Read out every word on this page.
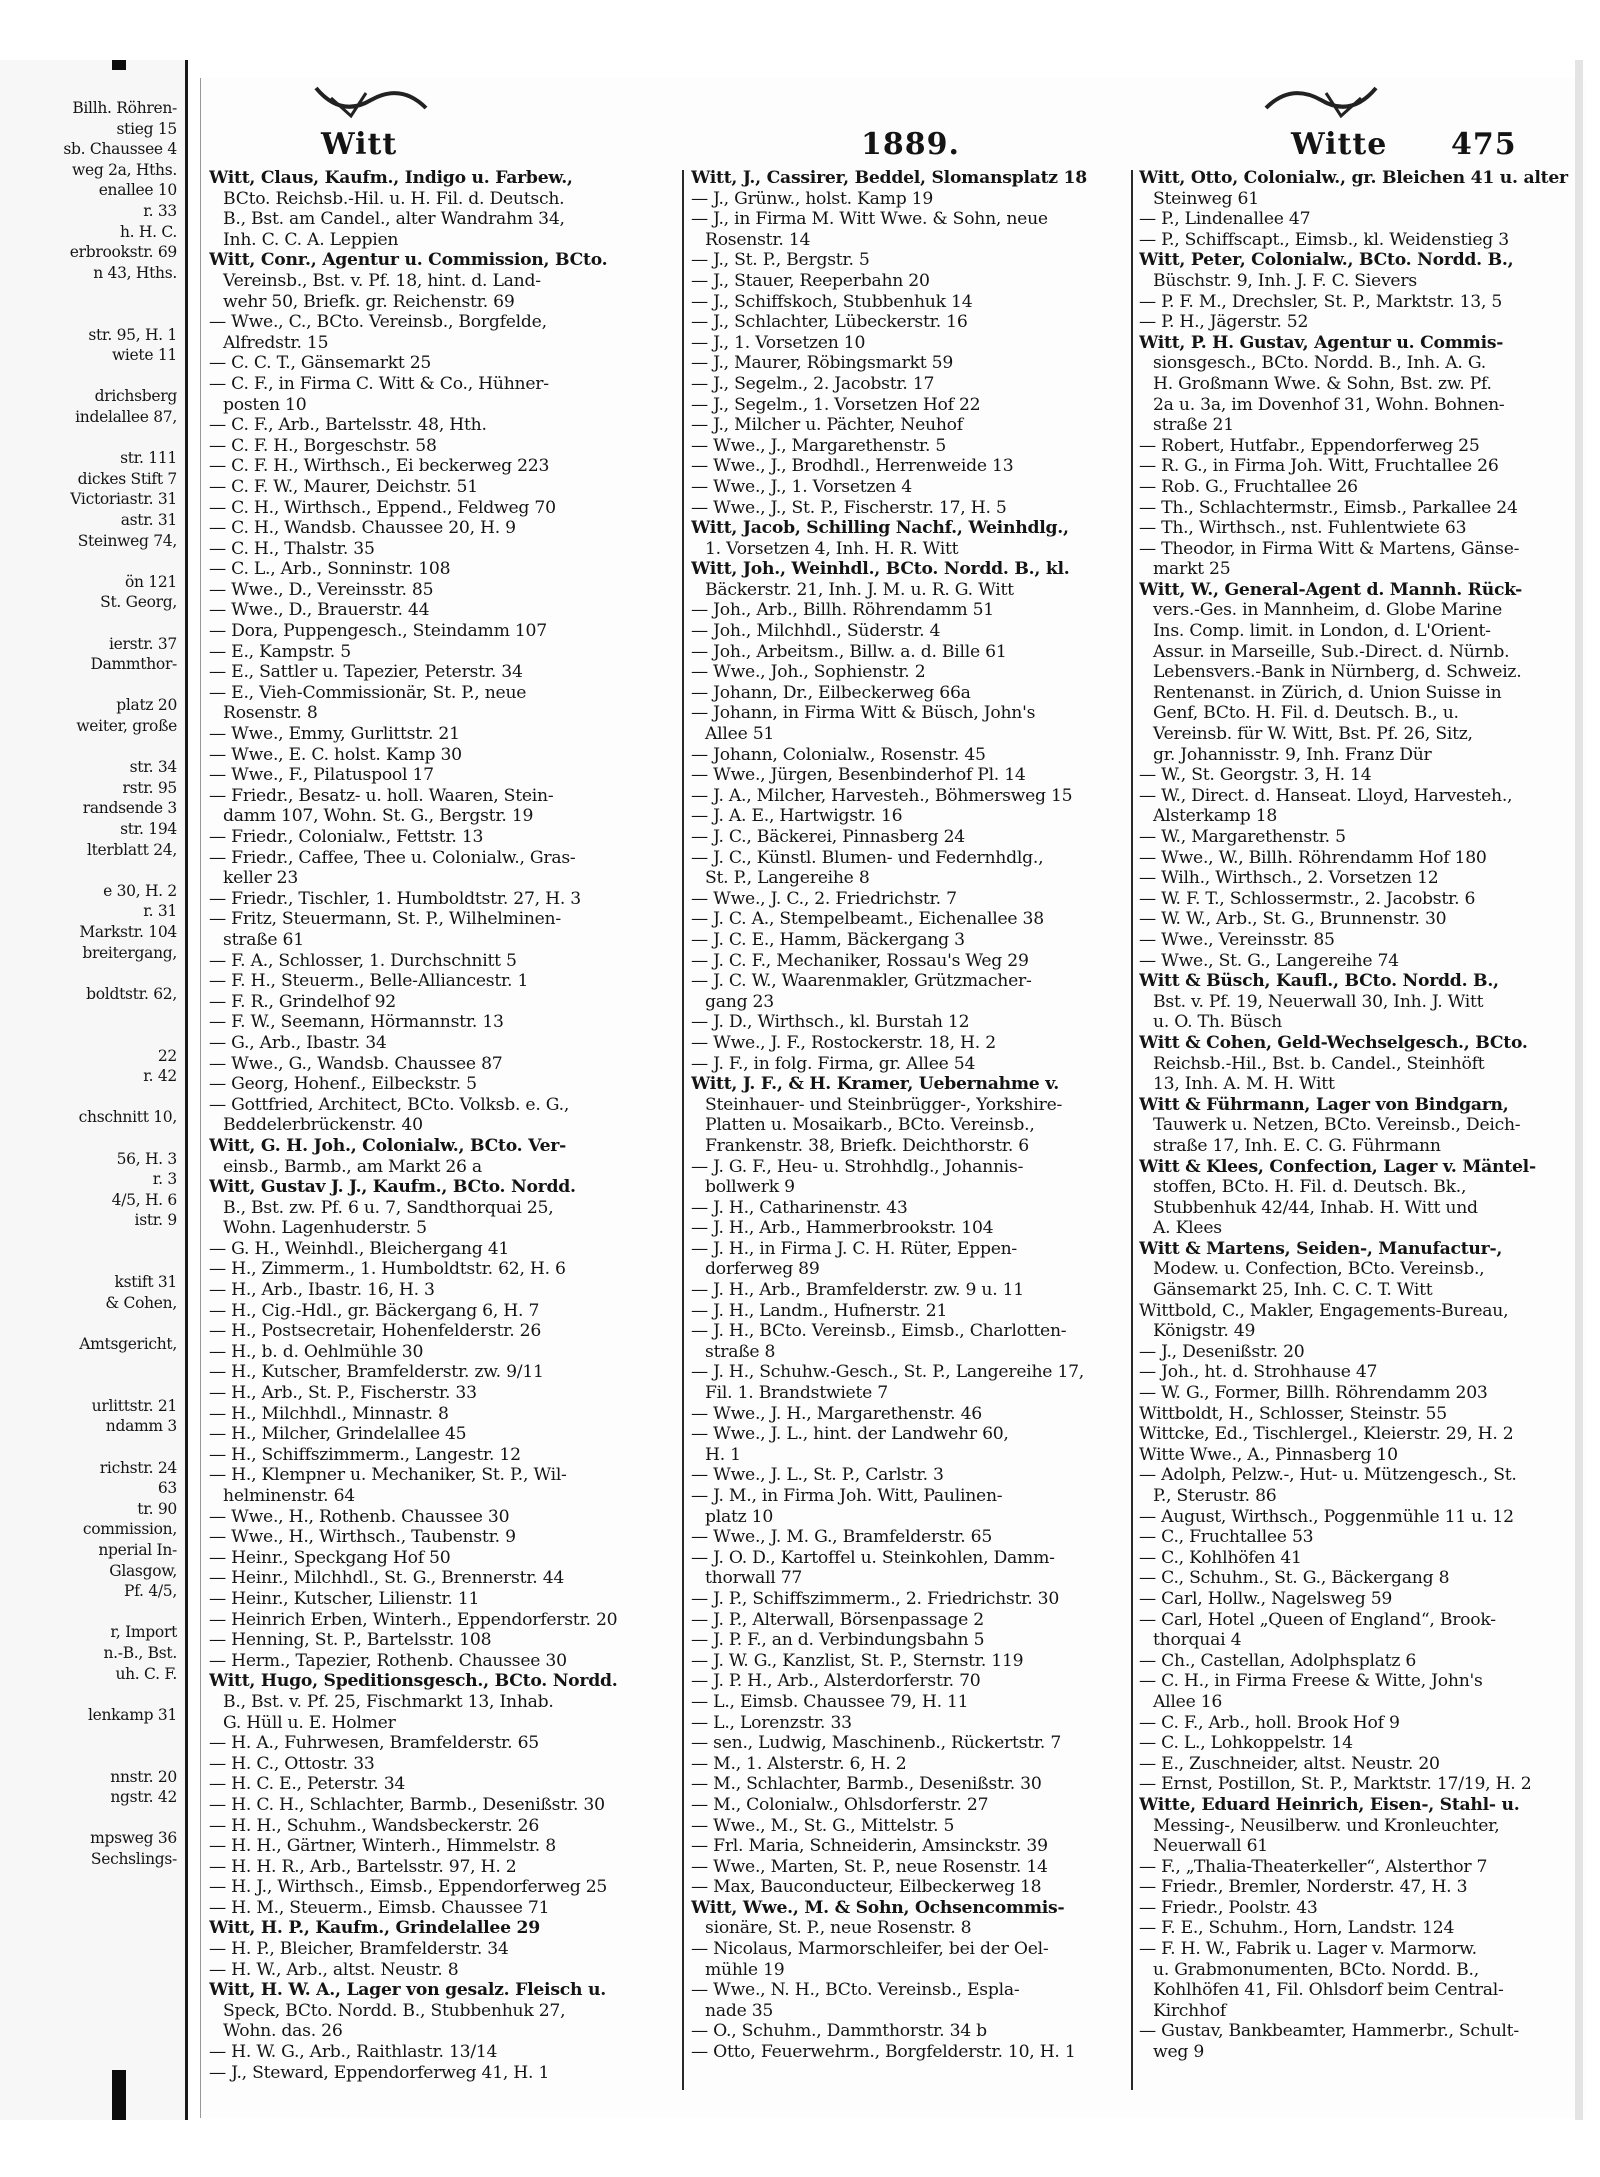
Billh. Röhren-
stieg 15
sb. Chaussee 4
weg 2a, Hths.
enallee 10
r. 33
h. H. C.
erbrookstr. 69
n 43, Hths.
str. 95, H. 1
wiete 11
drichsberg
indelallee 87,
str. 111
dickes Stift 7
Victoriastr. 31
astr. 31
Steinweg 74,
ön 121
St. Georg,
ierstr. 37
Dammthor-
platz 20
weiter, große
str. 34
rstr. 95
randsende 3
str. 194
lterblatt 24,
e 30, H. 2
r. 31
Markstr. 104
breitergang,
boldtstr. 62,
22
r. 42
chschnitt 10,
56, H. 3
r. 3
4/5, H. 6
istr. 9
kstift 31
& Cohen,
Amtsgericht,
urlittstr. 21
ndamm 3
richstr. 24
63
tr. 90
commission,
nperial In-
Glasgow,
Pf. 4/5,
r, Import
n.-B., Bst.
uh. C. F.
lenkamp 31
nnstr. 20
ngstr. 42
mpsweg 36
Sechslings-
Witt	1889.	Witte 475
Witt, Claus, Kaufm., Indigo u. Farbew.,
BCto. Reichsb.-Hil. u. H. Fil. d. Deutsch.
B., Bst. am Candel., alter Wandrahm 34,
Inh. C. C. A. Leppien
Witt, Conr., Agentur u. Commission, BCto.
Vereinsb., Bst. v. Pf. 18, hint. d. Land-
wehr 50, Briefk. gr. Reichenstr. 69
— Wwe., C., BCto. Vereinsb., Borgfelde,
Alfredstr. 15
— C. C. T., Gänsemarkt 25
— C. F., in Firma C. Witt & Co., Hühner-
posten 10
— C. F., Arb., Bartelsstr. 48, Hth.
— C. F. H., Borgeschstr. 58
— C. F. H., Wirthsch., Ei beckerweg 223
— C. F. W., Maurer, Deichstr. 51
— C. H., Wirthsch., Eppend., Feldweg 70
— C. H., Wandsb. Chaussee 20, H. 9
— C. H., Thalstr. 35
— C. L., Arb., Sonninstr. 108
— Wwe., D., Vereinsstr. 85
— Wwe., D., Brauerstr. 44
— Dora, Puppengesch., Steindamm 107
— E., Kampstr. 5
— E., Sattler u. Tapezier, Peterstr. 34
— E., Vieh-Commissionär, St. P., neue
Rosenstr. 8
— Wwe., Emmy, Gurlittstr. 21
— Wwe., E. C. holst. Kamp 30
— Wwe., F., Pilatuspool 17
— Friedr., Besatz- u. holl. Waaren, Stein-
damm 107, Wohn. St. G., Bergstr. 19
— Friedr., Colonialw., Fettstr. 13
— Friedr., Caffee, Thee u. Colonialw., Gras-
keller 23
— Friedr., Tischler, 1. Humboldtstr. 27, H. 3
— Fritz, Steuermann, St. P., Wilhelminen-
straße 61
— F. A., Schlosser, 1. Durchschnitt 5
— F. H., Steuerm., Belle-Alliancestr. 1
— F. R., Grindelhof 92
— F. W., Seemann, Hörmannstr. 13
— G., Arb., Ibastr. 34
— Wwe., G., Wandsb. Chaussee 87
— Georg, Hohenf., Eilbeckstr. 5
— Gottfried, Architect, BCto. Volksb. e. G.,
Beddelerbrückenstr. 40
Witt, G. H. Joh., Colonialw., BCto. Ver-
einsb., Barmb., am Markt 26 a
Witt, Gustav J. J., Kaufm., BCto. Nordd.
B., Bst. zw. Pf. 6 u. 7, Sandthorquai 25,
Wohn. Lagenhuderstr. 5
— G. H., Weinhdl., Bleichergang 41
— H., Zimmerm., 1. Humboldtstr. 62, H. 6
— H., Arb., Ibastr. 16, H. 3
— H., Cig.-Hdl., gr. Bäckergang 6, H. 7
— H., Postsecretair, Hohenfelderstr. 26
— H., b. d. Oehlmühle 30
— H., Kutscher, Bramfelderstr. zw. 9/11
— H., Arb., St. P., Fischerstr. 33
— H., Milchhdl., Minnastr. 8
— H., Milcher, Grindelallee 45
— H., Schiffszimmerm., Langestr. 12
— H., Klempner u. Mechaniker, St. P., Wil-
helminenstr. 64
— Wwe., H., Rothenb. Chaussee 30
— Wwe., H., Wirthsch., Taubenstr. 9
— Heinr., Speckgang Hof 50
— Heinr., Milchhdl., St. G., Brennerstr. 44
— Heinr., Kutscher, Lilienstr. 11
— Heinrich Erben, Winterh., Eppendorferstr. 20
— Henning, St. P., Bartelsstr. 108
— Herm., Tapezier, Rothenb. Chaussee 30
Witt, Hugo, Speditionsgesch., BCto. Nordd.
B., Bst. v. Pf. 25, Fischmarkt 13, Inhab.
G. Hüll u. E. Holmer
— H. A., Fuhrwesen, Bramfelderstr. 65
— H. C., Ottostr. 33
— H. C. E., Peterstr. 34
— H. C. H., Schlachter, Barmb., Desenißstr. 30
— H. H., Schuhm., Wandsbeckerstr. 26
— H. H., Gärtner, Winterh., Himmelstr. 8
— H. H. R., Arb., Bartelsstr. 97, H. 2
— H. J., Wirthsch., Eimsb., Eppendorferweg 25
— H. M., Steuerm., Eimsb. Chaussee 71
Witt, H. P., Kaufm., Grindelallee 29
— H. P., Bleicher, Bramfelderstr. 34
— H. W., Arb., altst. Neustr. 8
Witt, H. W. A., Lager von gesalz. Fleisch u.
Speck, BCto. Nordd. B., Stubbenhuk 27,
Wohn. das. 26
— H. W. G., Arb., Raithlastr. 13/14
— J., Steward, Eppendorferweg 41, H. 1
Witt, J., Cassirer, Beddel, Slomansplatz 18
— J., Grünw., holst. Kamp 19
— J., in Firma M. Witt Wwe. & Sohn, neue
Rosenstr. 14
— J., St. P., Bergstr. 5
— J., Stauer, Reeperbahn 20
— J., Schiffskoch, Stubbenhuk 14
— J., Schlachter, Lübeckerstr. 16
— J., 1. Vorsetzen 10
— J., Maurer, Röbingsmarkt 59
— J., Segelm., 2. Jacobstr. 17
— J., Segelm., 1. Vorsetzen Hof 22
— J., Milcher u. Pächter, Neuhof
— Wwe., J., Margarethenstr. 5
— Wwe., J., Brodhdl., Herrenweide 13
— Wwe., J., 1. Vorsetzen 4
— Wwe., J., St. P., Fischerstr. 17, H. 5
Witt, Jacob, Schilling Nachf., Weinhdlg.,
1. Vorsetzen 4, Inh. H. R. Witt
Witt, Joh., Weinhdl., BCto. Nordd. B., kl.
Bäckerstr. 21, Inh. J. M. u. R. G. Witt
— Joh., Arb., Billh. Röhrendamm 51
— Joh., Milchhdl., Süderstr. 4
— Joh., Arbeitsm., Billw. a. d. Bille 61
— Wwe., Joh., Sophienstr. 2
— Johann, Dr., Eilbeckerweg 66a
— Johann, in Firma Witt & Büsch, John's
Allee 51
— Johann, Colonialw., Rosenstr. 45
— Wwe., Jürgen, Besenbinderhof Pl. 14
— J. A., Milcher, Harvesteh., Böhmersweg 15
— J. A. E., Hartwigstr. 16
— J. C., Bäckerei, Pinnasberg 24
— J. C., Künstl. Blumen- und Federnhdlg.,
St. P., Langereihe 8
— Wwe., J. C., 2. Friedrichstr. 7
— J. C. A., Stempelbeamt., Eichenallee 38
— J. C. E., Hamm, Bäckergang 3
— J. C. F., Mechaniker, Rossau's Weg 29
— J. C. W., Waarenmakler, Grützmacher-
gang 23
— J. D., Wirthsch., kl. Burstah 12
— Wwe., J. F., Rostockerstr. 18, H. 2
— J. F., in folg. Firma, gr. Allee 54
Witt, J. F., & H. Kramer, Uebernahme v.
Steinhauer- und Steinbrügger-, Yorkshire-
Platten u. Mosaikarb., BCto. Vereinsb.,
Frankenstr. 38, Briefk. Deichthorstr. 6
— J. G. F., Heu- u. Strohhdlg., Johannis-
bollwerk 9
— J. H., Catharinenstr. 43
— J. H., Arb., Hammerbrookstr. 104
— J. H., in Firma J. C. H. Rüter, Eppen-
dorferweg 89
— J. H., Arb., Bramfelderstr. zw. 9 u. 11
— J. H., Landm., Hufnerstr. 21
— J. H., BCto. Vereinsb., Eimsb., Charlotten-
straße 8
— J. H., Schuhw.-Gesch., St. P., Langereihe 17,
Fil. 1. Brandstwiete 7
— Wwe., J. H., Margarethenstr. 46
— Wwe., J. L., hint. der Landwehr 60,
H. 1
— Wwe., J. L., St. P., Carlstr. 3
— J. M., in Firma Joh. Witt, Paulinen-
platz 10
— Wwe., J. M. G., Bramfelderstr. 65
— J. O. D., Kartoffel u. Steinkohlen, Damm-
thorwall 77
— J. P., Schiffszimmerm., 2. Friedrichstr. 30
— J. P., Alterwall, Börsenpassage 2
— J. P. F., an d. Verbindungsbahn 5
— J. W. G., Kanzlist, St. P., Sternstr. 119
— J. P. H., Arb., Alsterdorferstr. 70
— L., Eimsb. Chaussee 79, H. 11
— L., Lorenzstr. 33
— sen., Ludwig, Maschinenb., Rückertstr. 7
— M., 1. Alsterstr. 6, H. 2
— M., Schlachter, Barmb., Desenißstr. 30
— M., Colonialw., Ohlsdorferstr. 27
— Wwe., M., St. G., Mittelstr. 5
— Frl. Maria, Schneiderin, Amsinckstr. 39
— Wwe., Marten, St. P., neue Rosenstr. 14
— Max, Bauconducteur, Eilbeckerweg 18
Witt, Wwe., M. & Sohn, Ochsencommis-
sionäre, St. P., neue Rosenstr. 8
— Nicolaus, Marmorschleifer, bei der Oel-
mühle 19
— Wwe., N. H., BCto. Vereinsb., Espla-
nade 35
— O., Schuhm., Dammthorstr. 34 b
— Otto, Feuerwehrm., Borgfelderstr. 10, H. 1
Witt, Otto, Colonialw., gr. Bleichen 41 u. alter
Steinweg 61
— P., Lindenallee 47
— P., Schiffscapt., Eimsb., kl. Weidenstieg 3
Witt, Peter, Colonialw., BCto. Nordd. B.,
Büschstr. 9, Inh. J. F. C. Sievers
— P. F. M., Drechsler, St. P., Marktstr. 13, 5
— P. H., Jägerstr. 52
Witt, P. H. Gustav, Agentur u. Commis-
sionsgesch., BCto. Nordd. B., Inh. A. G.
H. Großmann Wwe. & Sohn, Bst. zw. Pf.
2a u. 3a, im Dovenhof 31, Wohn. Bohnen-
straße 21
— Robert, Hutfabr., Eppendorferweg 25
— R. G., in Firma Joh. Witt, Fruchtallee 26
— Rob. G., Fruchtallee 26
— Th., Schlachtermstr., Eimsb., Parkallee 24
— Th., Wirthsch., nst. Fuhlentwiete 63
— Theodor, in Firma Witt & Martens, Gänse-
markt 25
Witt, W., General-Agent d. Mannh. Rück-
vers.-Ges. in Mannheim, d. Globe Marine
Ins. Comp. limit. in London, d. L'Orient-
Assur. in Marseille, Sub.-Direct. d. Nürnb.
Lebensvers.-Bank in Nürnberg, d. Schweiz.
Rentenanst. in Zürich, d. Union Suisse in
Genf, BCto. H. Fil. d. Deutsch. B., u.
Vereinsb. für W. Witt, Bst. Pf. 26, Sitz,
gr. Johannisstr. 9, Inh. Franz Dür
— W., St. Georgstr. 3, H. 14
— W., Direct. d. Hanseat. Lloyd, Harvesteh.,
Alsterkamp 18
— W., Margarethenstr. 5
— Wwe., W., Billh. Röhrendamm Hof 180
— Wilh., Wirthsch., 2. Vorsetzen 12
— W. F. T., Schlossermstr., 2. Jacobstr. 6
— W. W., Arb., St. G., Brunnenstr. 30
— Wwe., Vereinsstr. 85
— Wwe., St. G., Langereihe 74
Witt & Büsch, Kaufl., BCto. Nordd. B.,
Bst. v. Pf. 19, Neuerwall 30, Inh. J. Witt
u. O. Th. Büsch
Witt & Cohen, Geld-Wechselgesch., BCto.
Reichsb.-Hil., Bst. b. Candel., Steinhöft
13, Inh. A. M. H. Witt
Witt & Führmann, Lager von Bindgarn,
Tauwerk u. Netzen, BCto. Vereinsb., Deich-
straße 17, Inh. E. C. G. Führmann
Witt & Klees, Confection, Lager v. Mäntel-
stoffen, BCto. H. Fil. d. Deutsch. Bk.,
Stubbenhuk 42/44, Inhab. H. Witt und
A. Klees
Witt & Martens, Seiden-, Manufactur-,
Modew. u. Confection, BCto. Vereinsb.,
Gänsemarkt 25, Inh. C. C. T. Witt
Wittbold, C., Makler, Engagements-Bureau,
Königstr. 49
— J., Desenißstr. 20
— Joh., ht. d. Strohhause 47
— W. G., Former, Billh. Röhrendamm 203
Wittboldt, H., Schlosser, Steinstr. 55
Wittcke, Ed., Tischlergel., Kleierstr. 29, H. 2
Witte Wwe., A., Pinnasberg 10
— Adolph, Pelzw.-, Hut- u. Mützengesch., St.
P., Sterustr. 86
— August, Wirthsch., Poggenmühle 11 u. 12
— C., Fruchtallee 53
— C., Kohlhöfen 41
— C., Schuhm., St. G., Bäckergang 8
— Carl, Hollw., Nagelsweg 59
— Carl, Hotel „Queen of England“, Brook-
thorquai 4
— Ch., Castellan, Adolphsplatz 6
— C. H., in Firma Freese & Witte, John's
Allee 16
— C. F., Arb., holl. Brook Hof 9
— C. L., Lohkoppelstr. 14
— E., Zuschneider, altst. Neustr. 20
— Ernst, Postillon, St. P., Marktstr. 17/19, H. 2
Witte, Eduard Heinrich, Eisen-, Stahl- u.
Messing-, Neusilberw. und Kronleuchter,
Neuerwall 61
— F., „Thalia-Theaterkeller“, Alsterthor 7
— Friedr., Bremler, Norderstr. 47, H. 3
— Friedr., Poolstr. 43
— F. E., Schuhm., Horn, Landstr. 124
— F. H. W., Fabrik u. Lager v. Marmorw.
u. Grabmonumenten, BCto. Nordd. B.,
Kohlhöfen 41, Fil. Ohlsdorf beim Central-
Kirchhof
— Gustav, Bankbeamter, Hammerbr., Schult-
weg 9
